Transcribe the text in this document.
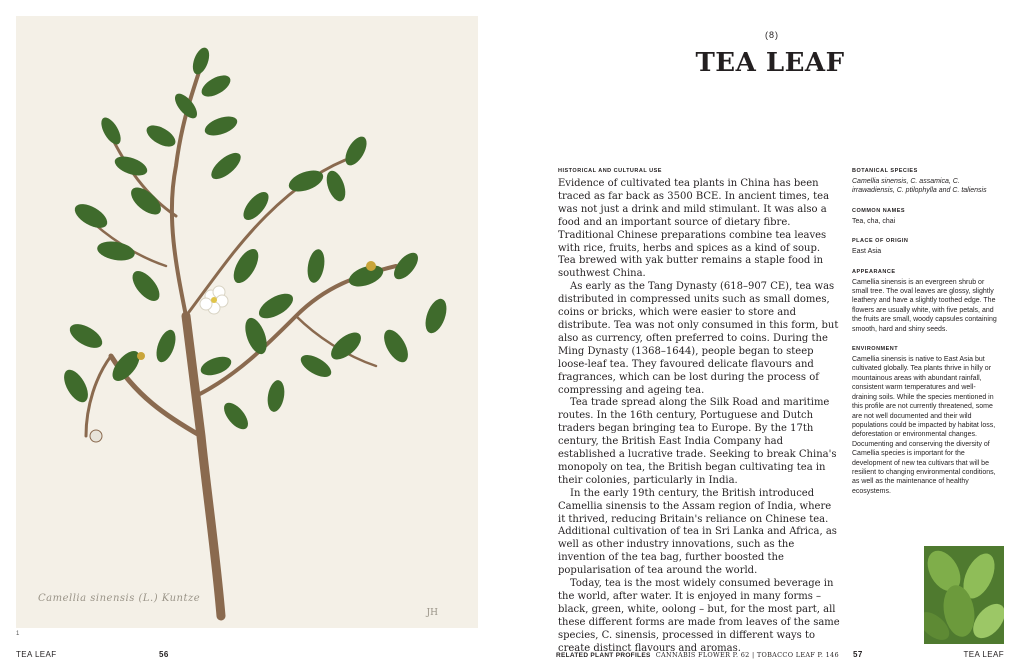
Camellia sinensis (L.) Kuntze
JH
1
TEA LEAF	56
(8)
TEA LEAF
HISTORICAL AND CULTURAL USE

Evidence of cultivated tea plants in China has been traced as far back as 3500 BCE. In ancient times, tea was not just a drink and mild stimulant. It was also a food and an important source of dietary fibre. Traditional Chinese preparations combine tea leaves with rice, fruits, herbs and spices as a kind of soup. Tea brewed with yak butter remains a staple food in southwest China.

As early as the Tang Dynasty (618–907 CE), tea was distributed in compressed units such as small domes, coins or bricks, which were easier to store and distribute. Tea was not only consumed in this form, but also as currency, often preferred to coins. During the Ming Dynasty (1368–1644), people began to steep loose-leaf tea. They favoured delicate flavours and fragrances, which can be lost during the process of compressing and ageing tea.

Tea trade spread along the Silk Road and maritime routes. In the 16th century, Portuguese and Dutch traders began bringing tea to Europe. By the 17th century, the British East India Company had established a lucrative trade. Seeking to break China's monopoly on tea, the British began cultivating tea in their colonies, particularly in India.

In the early 19th century, the British introduced Camellia sinensis to the Assam region of India, where it thrived, reducing Britain's reliance on Chinese tea. Additional cultivation of tea in Sri Lanka and Africa, as well as other industry innovations, such as the invention of the tea bag, further boosted the popularisation of tea around the world.

Today, tea is the most widely consumed beverage in the world, after water. It is enjoyed in many forms – black, green, white, oolong – but, for the most part, all these different forms are made from leaves of the same species, C. sinensis, processed in different ways to create distinct flavours and aromas.

BOTANICAL SPECIES
Camellia sinensis, C. assamica, C. irrawadiensis, C. ptilophylla and C. taliensis
COMMON NAMES
Tea, cha, chai
PLACE OF ORIGIN
East Asia
APPEARANCE
Camellia sinensis is an evergreen shrub or small tree. The oval leaves are glossy, slightly leathery and have a slightly toothed edge. The flowers are usually white, with five petals, and the fruits are small, woody capsules containing smooth, hard and shiny seeds.
ENVIRONMENT
Camellia sinensis is native to East Asia but cultivated globally. Tea plants thrive in hilly or mountainous areas with abundant rainfall, consistent warm temperatures and well-draining soils. While the species mentioned in this profile are not currently threatened, some are not well documented and their wild populations could be impacted by habitat loss, deforestation or environmental changes. Documenting and conserving the diversity of Camellia species is important for the development of new tea cultivars that will be resilient to changing environmental conditions, as well as the maintenance of healthy ecosystems.
RELATED PLANT PROFILES CANNABIS FLOWER P. 62 | TOBACCO LEAF P. 146 57	TEA LEAF
